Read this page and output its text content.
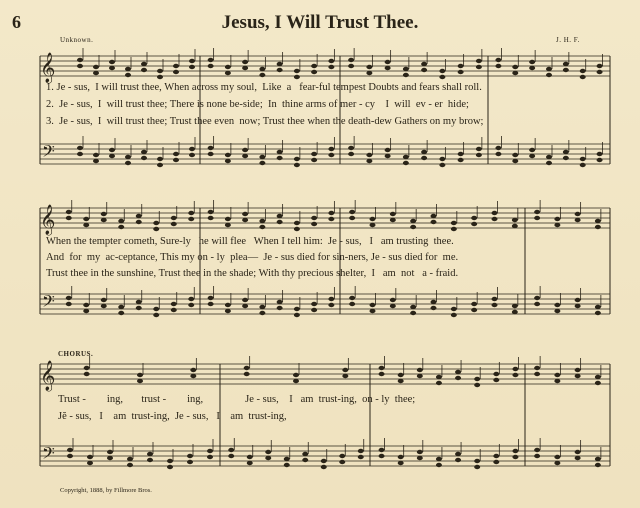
6	Jesus, I Will Trust Thee.
Unknown.	J. H. F.
𝄞
𝄢
𝄞
𝄢
𝄞
𝄢
1. Je - sus,  I will trust thee, When across my soul,  Like  a   fear-ful tempest Doubts and fears shall roll.
2.  Je - sus,  I  will trust thee; There is none be-side;  In  thine arms of mer - cy    I  will  ev - er  hide;
3.  Je - sus,  I  will trust thee; Trust thee even  now; Trust thee when the death-dew Gathers on my brow;
When the tempter cometh, Sure-ly   he will flee   When I tell him:  Je - sus,   I   am trusting  thee.
And  for  my  ac-ceptance, This my on - ly  plea—  Je - sus died for sin-ners, Je - sus died for  me.
Trust thee in the sunshine, Trust thee in the shade; With thy precious shelter,  I   am  not   a - fraid.
CHORUS.
Trust -        ing,       trust -        ing,                Je - sus,    I   am  trust-ing,  on - ly  thee;
Jĕ - sus,   I    am  trust-ing,  Je - sus,   I    am  trust-ing,
Copyright, 1888, by Fillmore Bros.
